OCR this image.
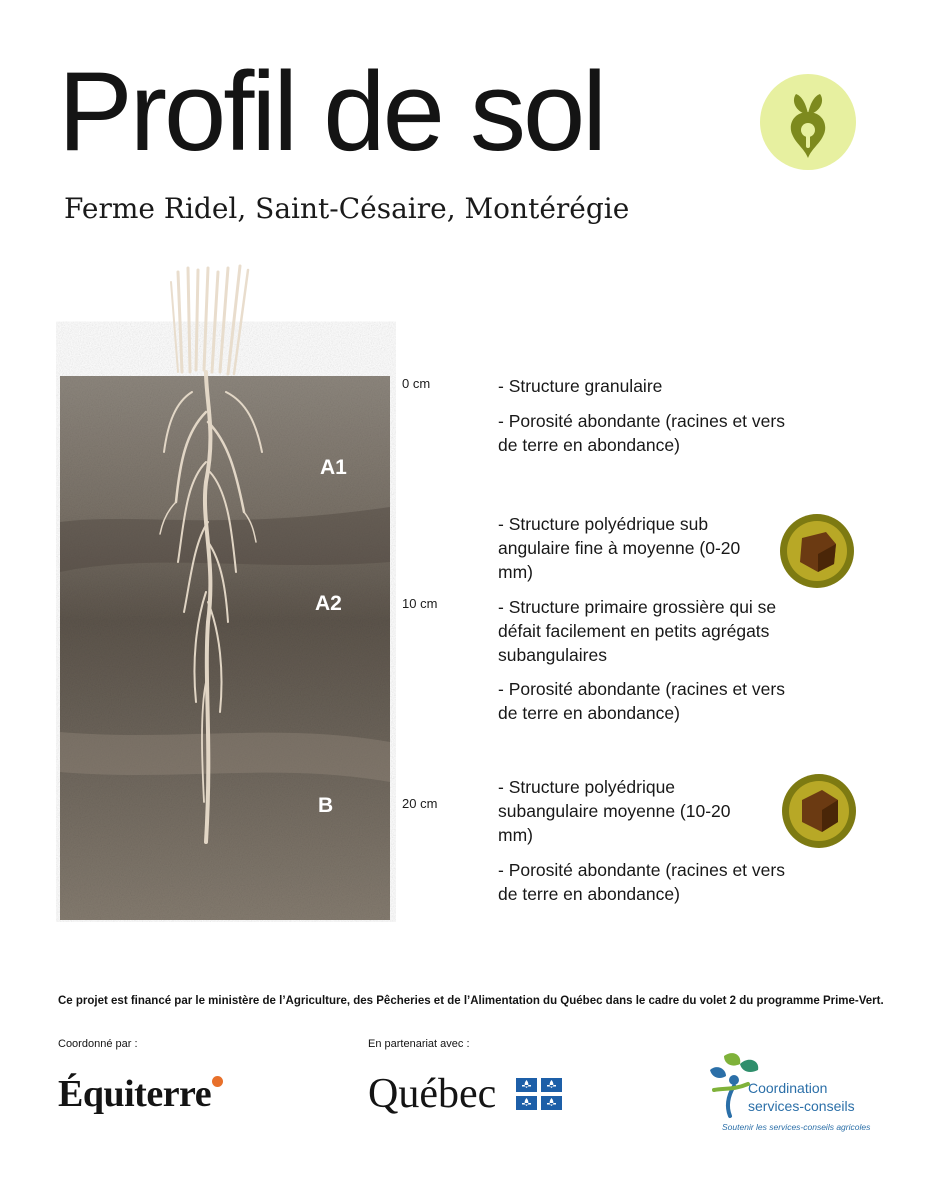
Profil de sol
Ferme Ridel, Saint-Césaire, Montérégie
A1
A2
B
0 cm
10 cm
20 cm

- Structure granulaire

- Porosité abondante (racines et vers de terre en abondance)

- Structure polyédrique sub angulaire fine à moyenne (0-20 mm)

- Structure primaire grossière qui se défait facilement en petits agrégats subangulaires

- Porosité abondante (racines et vers de terre en abondance)

- Structure polyédrique subangulaire moyenne (10-20 mm)

- Porosité abondante (racines et vers de terre en abondance)

Ce projet est financé par le ministère de l’Agriculture, des Pêcheries et de l’Alimentation du Québec dans le cadre du volet 2 du programme Prime-Vert.
Coordonné par :	En partenariat avec :
Équiterre	Québec	Coordination
services-conseils
Soutenir les services-conseils agricoles
